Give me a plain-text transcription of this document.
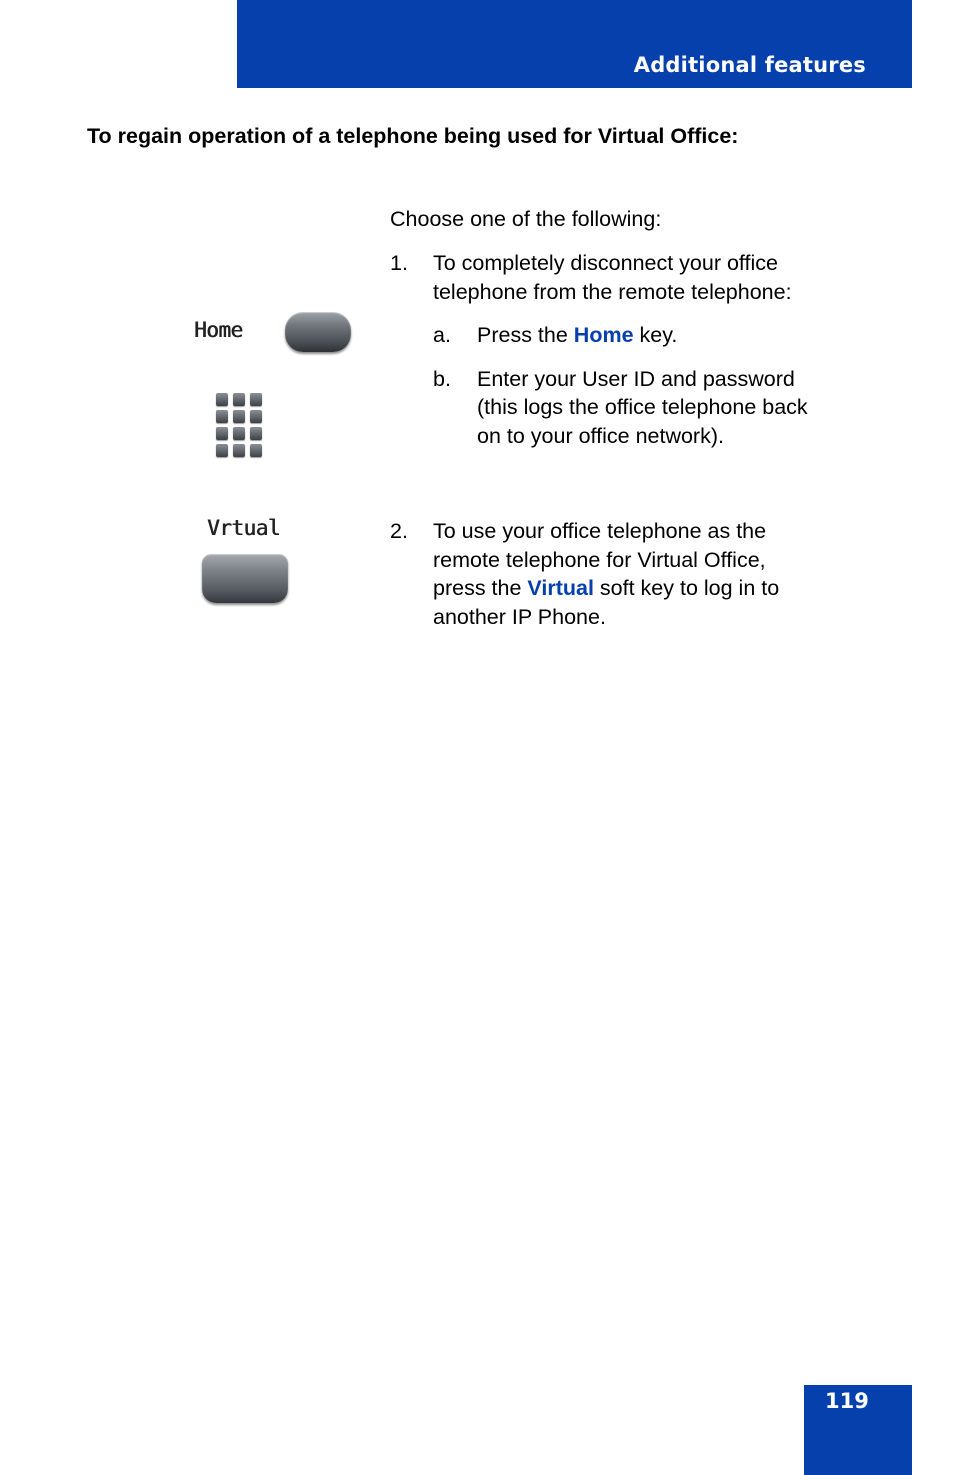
Additional features
To regain operation of a telephone being used for Virtual Office:
Choose one of the following:
1. To completely disconnect your office
telephone from the remote telephone:
a. Press the Home key.
b. Enter your User ID and password
(this logs the office telephone back
on to your office network).
2. To use your office telephone as the
remote telephone for Virtual Office,
press the Virtual soft key to log in to
another IP Phone.
Home
Vrtual
119
